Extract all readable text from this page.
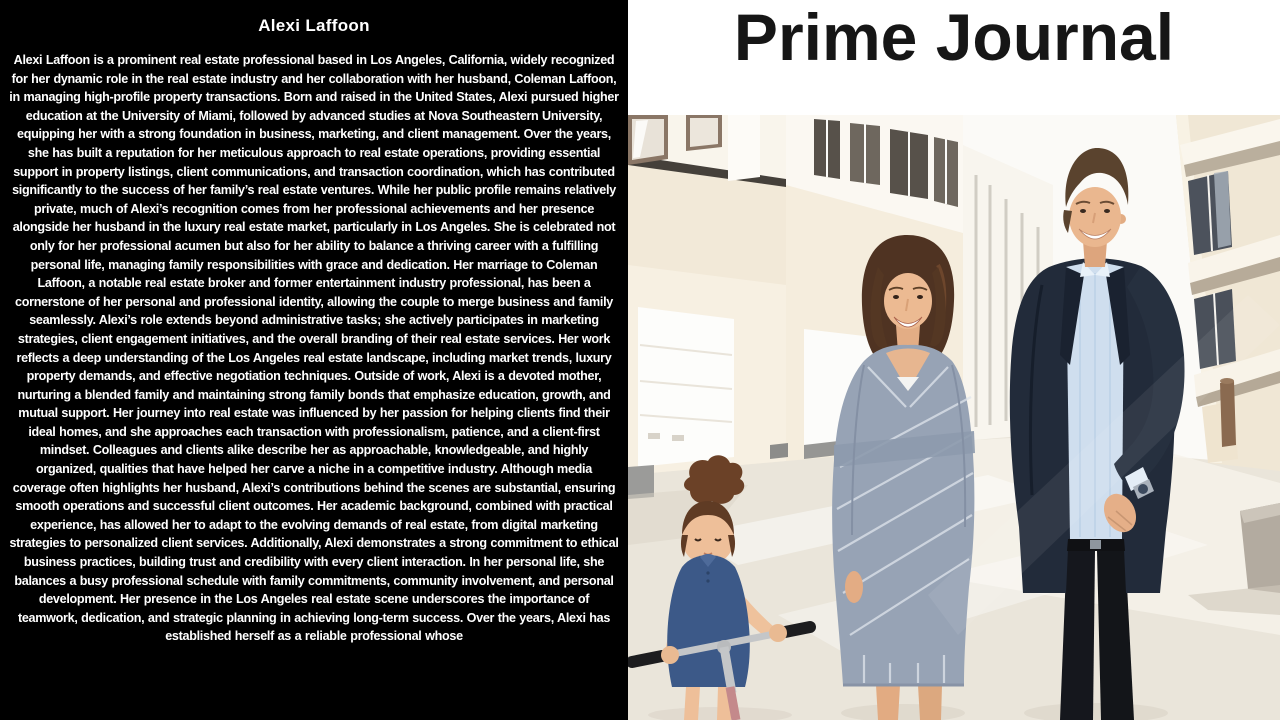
Alexi Laffoon

Alexi Laffoon is a prominent real estate professional based in Los Angeles, California, widely recognized for her dynamic role in the real estate industry and her collaboration with her husband, Coleman Laffoon, in managing high-profile property transactions. Born and raised in the United States, Alexi pursued higher education at the University of Miami, followed by advanced studies at Nova Southeastern University, equipping her with a strong foundation in business, marketing, and client management. Over the years, she has built a reputation for her meticulous approach to real estate operations, providing essential support in property listings, client communications, and transaction coordination, which has contributed significantly to the success of her family’s real estate ventures. While her public profile remains relatively private, much of Alexi’s recognition comes from her professional achievements and her presence alongside her husband in the luxury real estate market, particularly in Los Angeles. She is celebrated not only for her professional acumen but also for her ability to balance a thriving career with a fulfilling personal life, managing family responsibilities with grace and dedication. Her marriage to Coleman Laffoon, a notable real estate broker and former entertainment industry professional, has been a cornerstone of her personal and professional identity, allowing the couple to merge business and family seamlessly. Alexi’s role extends beyond administrative tasks; she actively participates in marketing strategies, client engagement initiatives, and the overall branding of their real estate services. Her work reflects a deep understanding of the Los Angeles real estate landscape, including market trends, luxury property demands, and effective negotiation techniques. Outside of work, Alexi is a devoted mother, nurturing a blended family and maintaining strong family bonds that emphasize education, growth, and mutual support. Her journey into real estate was influenced by her passion for helping clients find their ideal homes, and she approaches each transaction with professionalism, patience, and a client-first mindset. Colleagues and clients alike describe her as approachable, knowledgeable, and highly organized, qualities that have helped her carve a niche in a competitive industry. Although media coverage often highlights her husband, Alexi’s contributions behind the scenes are substantial, ensuring smooth operations and successful client outcomes. Her academic background, combined with practical experience, has allowed her to adapt to the evolving demands of real estate, from digital marketing strategies to personalized client services. Additionally, Alexi demonstrates a strong commitment to ethical business practices, building trust and credibility with every client interaction. In her personal life, she balances a busy professional schedule with family commitments, community involvement, and personal development. Her presence in the Los Angeles real estate scene underscores the importance of teamwork, dedication, and strategic planning in achieving long-term success. Over the years, Alexi has established herself as a reliable professional whose

Prime Journal
